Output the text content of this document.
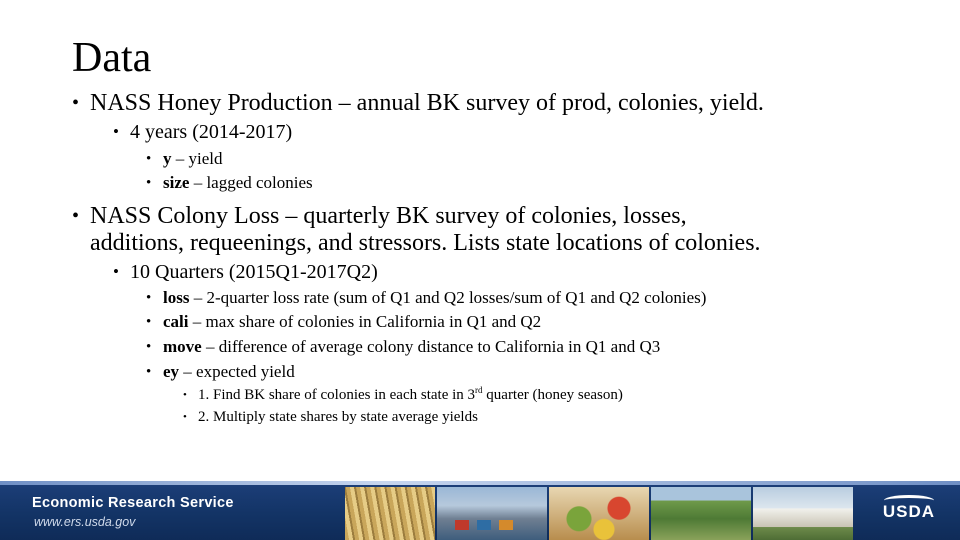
Data

• NASS Honey Production – annual BK survey of prod, colonies, yield.

• 4 years (2014-2017)

• y – yield

• size – lagged colonies

• NASS Colony Loss – quarterly BK survey of colonies, losses,

additions, requeenings, and stressors. Lists state locations of colonies.

• 10 Quarters (2015Q1-2017Q2)

• loss – 2-quarter loss rate (sum of Q1 and Q2 losses/sum of Q1 and Q2 colonies)

• cali – max share of colonies in California in Q1 and Q2

• move – difference of average colony distance to California in Q1 and Q3

• ey – expected yield

• 1. Find BK share of colonies in each state in 3rd quarter (honey season)

• 2. Multiply state shares by state average yields

Economic Research Service
www.ers.usda.gov
USDA
